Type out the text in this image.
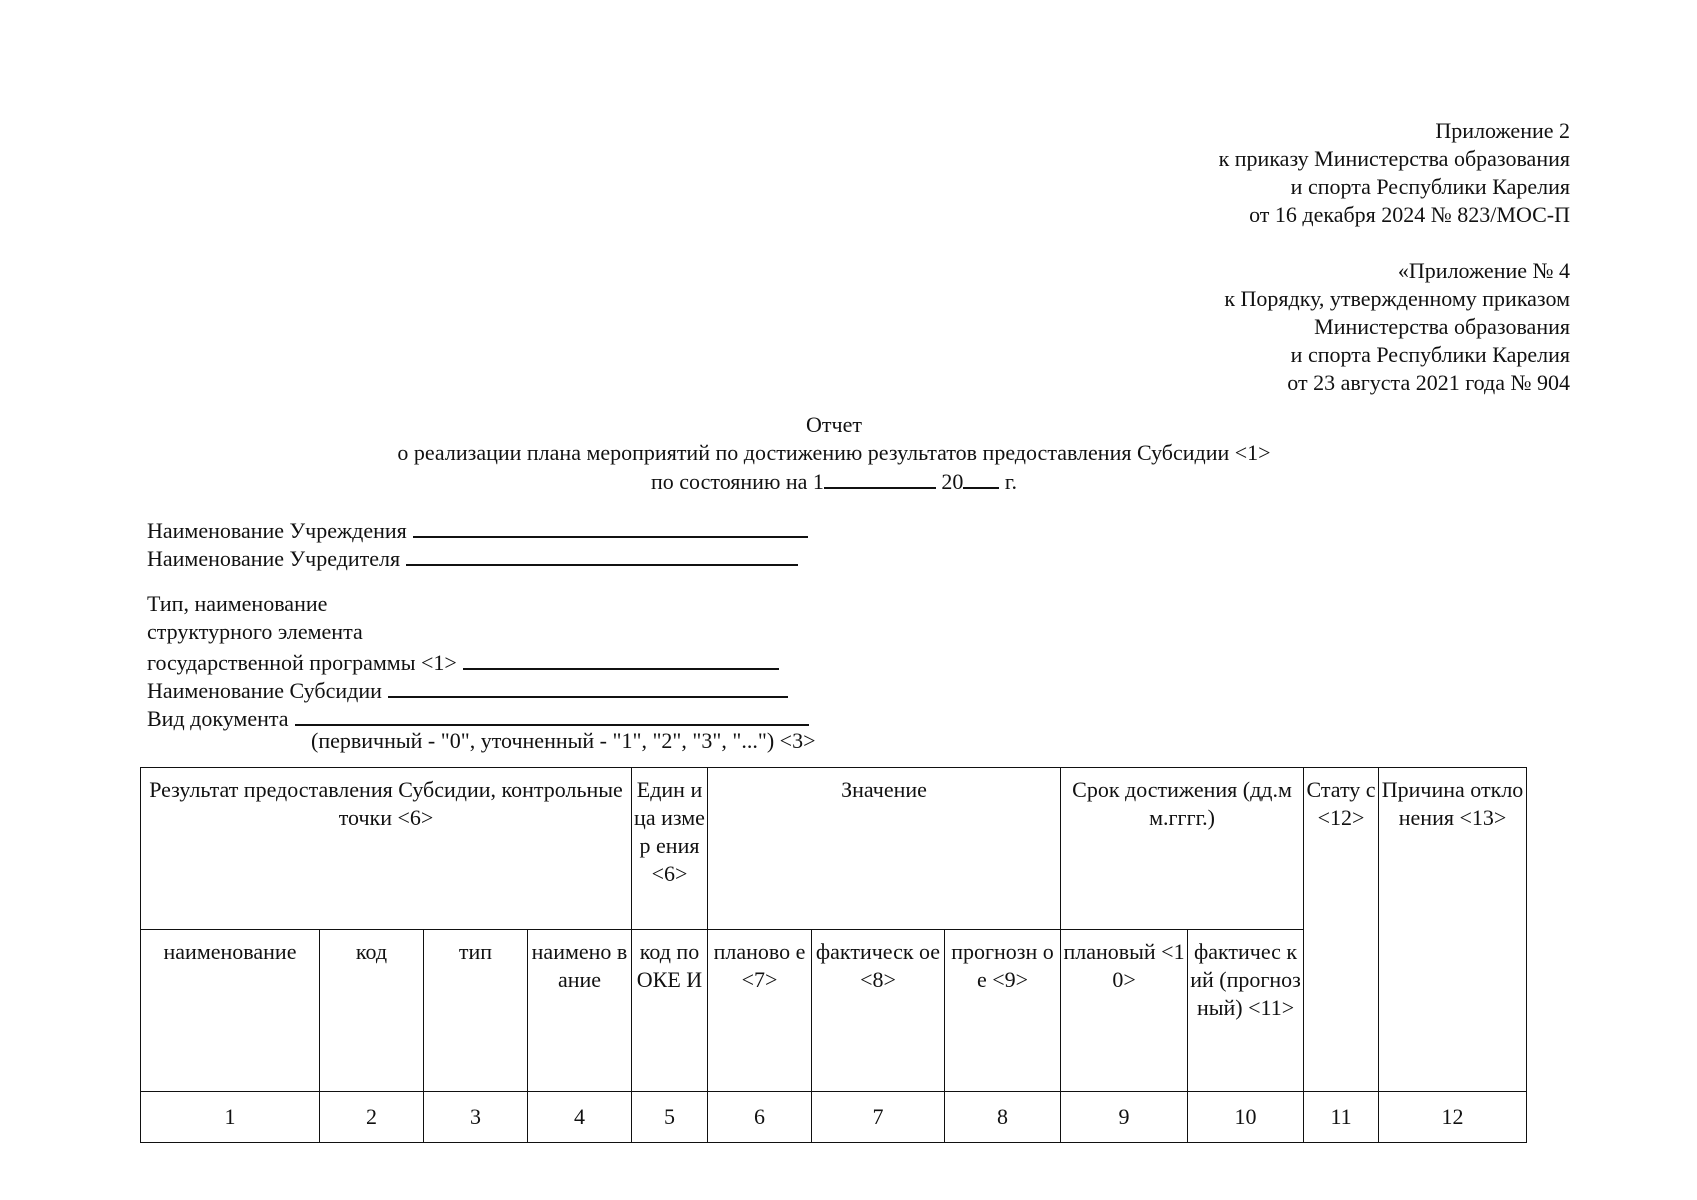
Приложение 2
к приказу Министерства образования
и спорта Республики Карелия
от 16 декабря 2024 № 823/МОС-П
«Приложение № 4
к Порядку, утвержденному приказом
Министерства образования
и спорта Республики Карелия
от 23 августа 2021 года № 904
Отчет
о реализации плана мероприятий по достижению результатов предоставления Субсидии <1>
по состоянию на 1	20 г.
Наименование Учреждения
Наименование Учредителя
Тип, наименование
структурного элемента
государственной программы <1>
Наименование Субсидии
Вид документа
(первичный - "0", уточненный - "1", "2", "3", "...") <3>
Результат предоставления Субсидии, контрольные точки <6>				Един ица измер ения <6>	Значение			Срок достижения (дд.мм.гггг.)		Стату с <12>	Причина отклонения <13>
наименование	код	тип	наимено вание	код по ОКЕ И	планово е <7>	фактическ ое <8>	прогнозн ое <9>	плановый <10>	фактичес кий (прогноз ный) <11>		
1	2	3	4	5	6	7	8	9	10	11	12
